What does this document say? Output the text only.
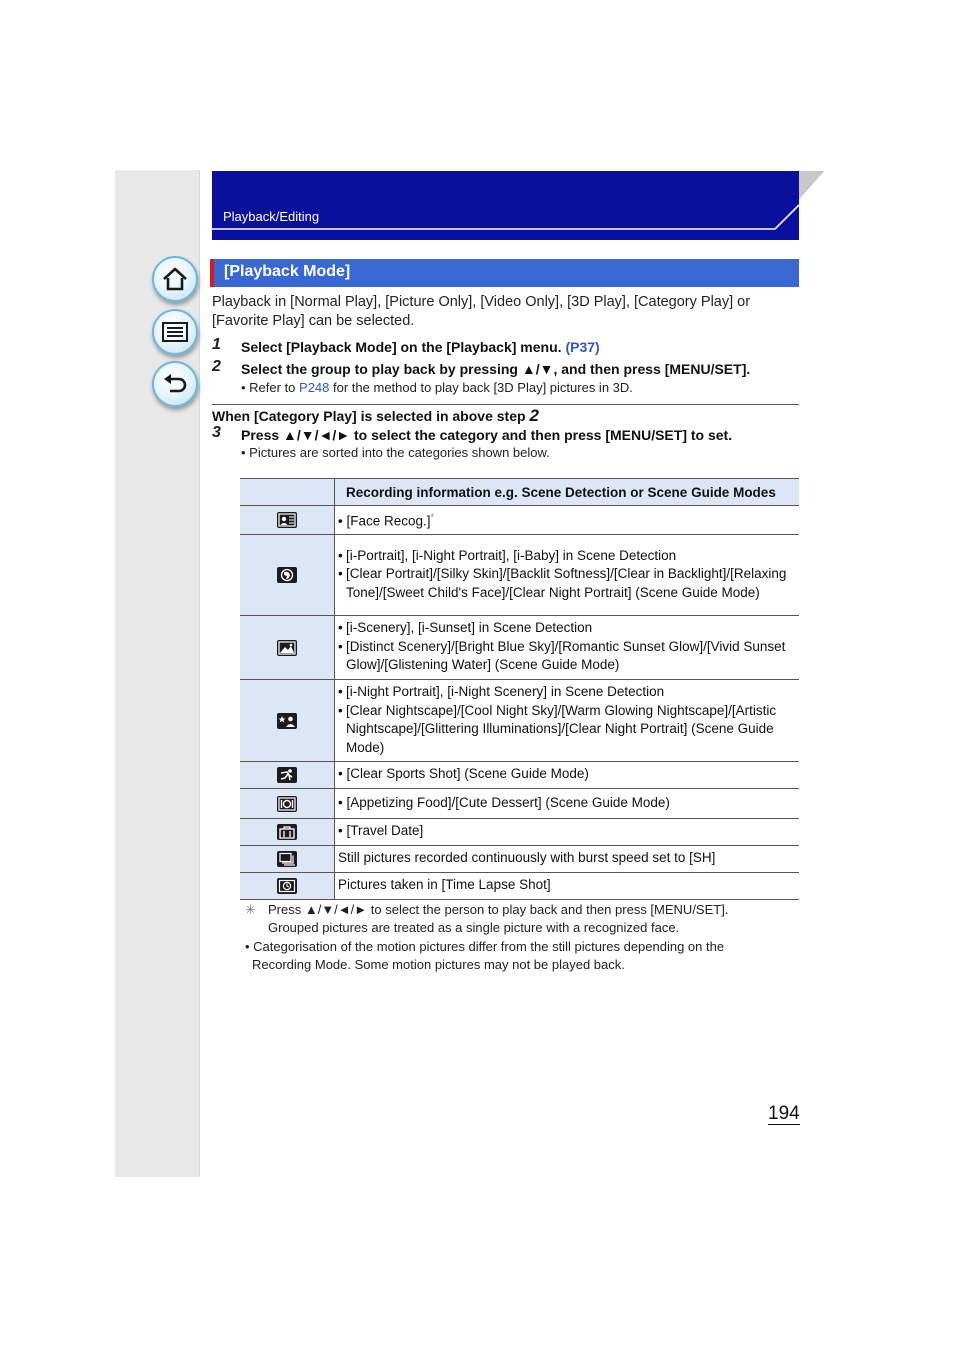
Playback/Editing
[Playback Mode]
Playback in [Normal Play], [Picture Only], [Video Only], [3D Play], [Category Play] or [Favorite Play] can be selected.
1 Select [Playback Mode] on the [Playback] menu. (P37)
2 Select the group to play back by pressing ▲/▼, and then press [MENU/SET].
• Refer to P248 for the method to play back [3D Play] pictures in 3D.
When [Category Play] is selected in above step 2
3 Press ▲/▼/◄/► to select the category and then press [MENU/SET] to set.
• Pictures are sorted into the categories shown below.
	Recording information e.g. Scene Detection or Scene Guide Modes

	• [Face Recog.]*

• [i-Portrait], [i-Night Portrait], [i-Baby] in Scene Detection
• [Clear Portrait]/[Silky Skin]/[Backlit Softness]/[Clear in Backlight]/[Relaxing Tone]/[Sweet Child's Face]/[Clear Night Portrait] (Scene Guide Mode)

• [i-Scenery], [i-Sunset] in Scene Detection
• [Distinct Scenery]/[Bright Blue Sky]/[Romantic Sunset Glow]/[Vivid Sunset Glow]/[Glistening Water] (Scene Guide Mode)

• [i-Night Portrait], [i-Night Scenery] in Scene Detection
• [Clear Nightscape]/[Cool Night Sky]/[Warm Glowing Nightscape]/[Artistic Nightscape]/[Glittering Illuminations]/[Clear Night Portrait] (Scene Guide Mode)

	• [Clear Sports Shot] (Scene Guide Mode)

	• [Appetizing Food]/[Cute Dessert] (Scene Guide Mode)

	• [Travel Date]

	Still pictures recorded continuously with burst speed set to [SH]

	Pictures taken in [Time Lapse Shot]
✳ Press ▲/▼/◄/► to select the person to play back and then press [MENU/SET].
Grouped pictures are treated as a single picture with a recognized face.
• Categorisation of the motion pictures differ from the still pictures depending on the
Recording Mode. Some motion pictures may not be played back.
194
